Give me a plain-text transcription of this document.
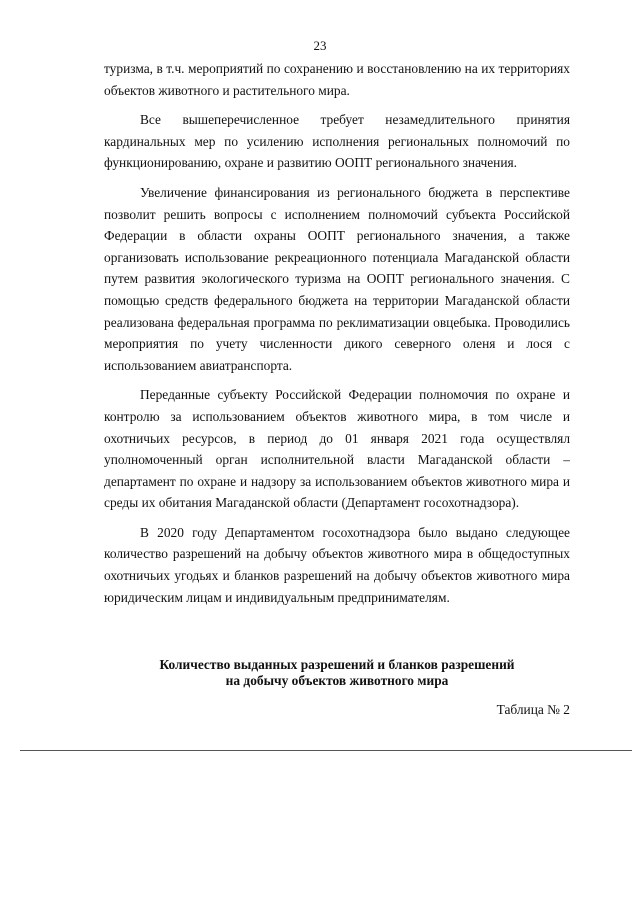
23

туризма, в т.ч. мероприятий по сохранению и восстановлению на их территориях объектов животного и растительного мира.

Все вышеперечисленное требует незамедлительного принятия кардинальных мер по усилению исполнения региональных полномочий по функционированию, охране и развитию ООПТ регионального значения.

Увеличение финансирования из регионального бюджета в перспективе позволит решить вопросы с исполнением полномочий субъекта Российской Федерации в области охраны ООПТ регионального значения, а также организовать использование рекреационного потенциала Магаданской области путем развития экологического туризма на ООПТ регионального значения. С помощью средств федерального бюджета на территории Магаданской области реализована федеральная программа по реклиматизации овцебыка. Проводились мероприятия по учету численности дикого северного оленя и лося с использованием авиатранспорта.

Переданные субъекту Российской Федерации полномочия по охране и контролю за использованием объектов животного мира, в том числе и охотничьих ресурсов, в период до 01 января 2021 года осуществлял уполномоченный орган исполнительной власти Магаданской области – департамент по охране и надзору за использованием объектов животного мира и среды их обитания Магаданской области (Департамент госохотнадзора).

В 2020 году Департаментом госохотнадзора было выдано следующее количество разрешений на добычу объектов животного мира в общедоступных охотничьих угодьях и бланков разрешений на добычу объектов животного мира юридическим лицам и индивидуальным предпринимателям.

Количество выданных разрешений и бланков разрешений
на добычу объектов животного мира
Таблица № 2
